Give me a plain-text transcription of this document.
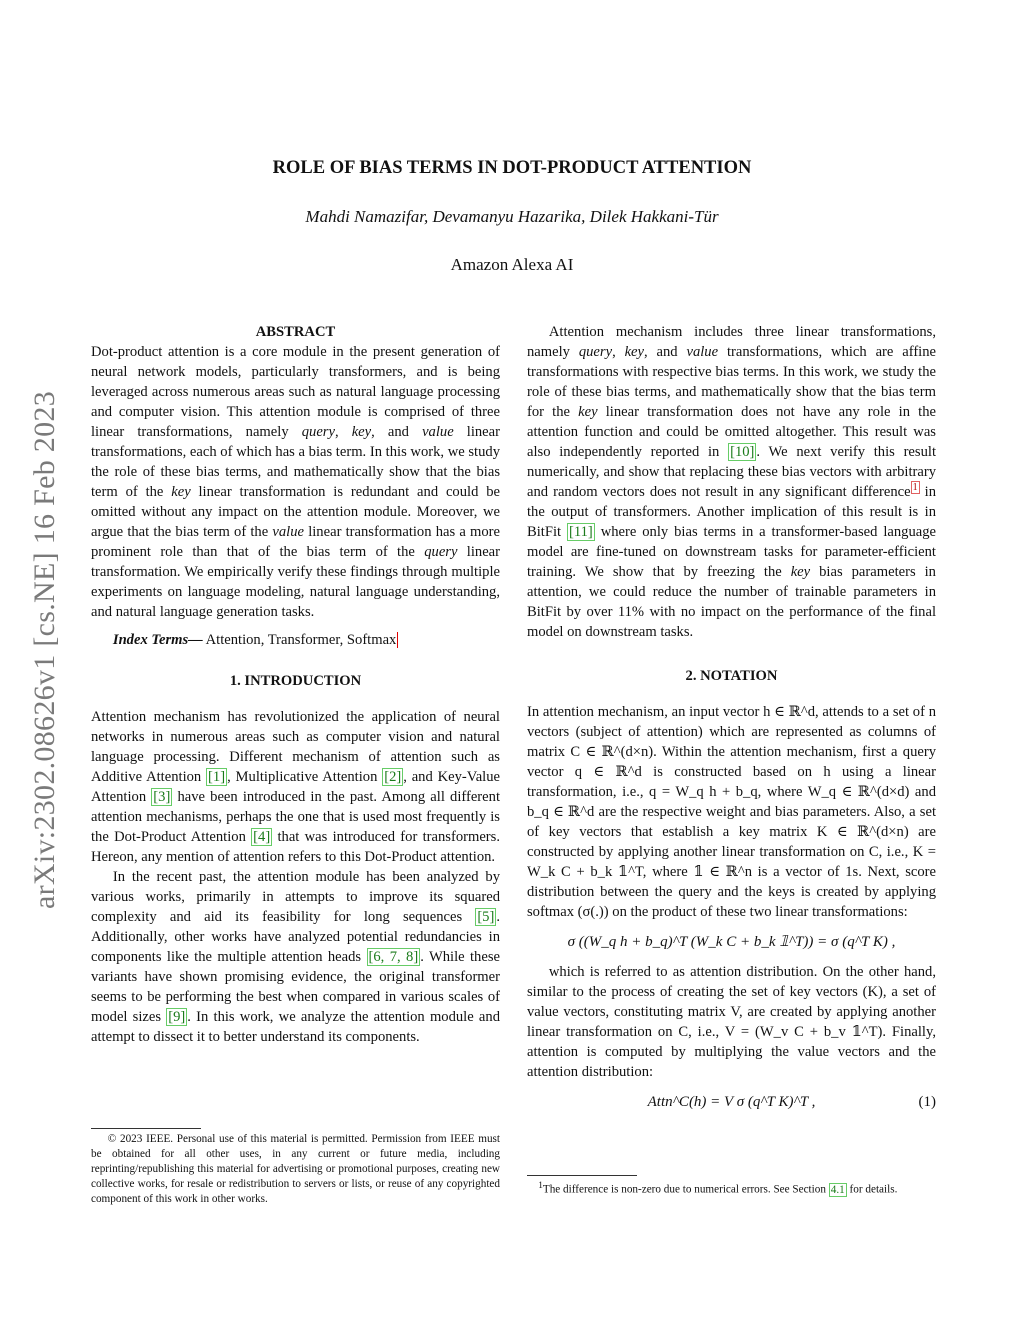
arXiv:2302.08626v1 [cs.NE] 16 Feb 2023
ROLE OF BIAS TERMS IN DOT-PRODUCT ATTENTION
Mahdi Namazifar, Devamanyu Hazarika, Dilek Hakkani-Tür
Amazon Alexa AI

ABSTRACT

Dot-product attention is a core module in the present generation of neural network models, particularly transformers, and is being leveraged across numerous areas such as natural language processing and computer vision. This attention module is comprised of three linear transformations, namely query, key, and value linear transformations, each of which has a bias term. In this work, we study the role of these bias terms, and mathematically show that the bias term of the key linear transformation is redundant and could be omitted without any impact on the attention module. Moreover, we argue that the bias term of the value linear transformation has a more prominent role than that of the bias term of the query linear transformation. We empirically verify these findings through multiple experiments on language modeling, natural language understanding, and natural language generation tasks.

Index Terms— Attention, Transformer, Softmax

1. INTRODUCTION

Attention mechanism has revolutionized the application of neural networks in numerous areas such as computer vision and natural language processing. Different mechanism of attention such as Additive Attention [1] , Multiplicative Attention [2] , and Key-Value Attention [3] have been introduced in the past. Among all different attention mechanisms, perhaps the one that is used most frequently is the Dot-Product Attention [4] that was introduced for transformers. Hereon, any mention of attention refers to this Dot-Product attention.

In the recent past, the attention module has been analyzed by various works, primarily in attempts to improve its squared complexity and aid its feasibility for long sequences [5] . Additionally, other works have analyzed potential redundancies in components like the multiple attention heads [6, 7, 8] . While these variants have shown promising evidence, the original transformer seems to be performing the best when compared in various scales of model sizes [9] . In this work, we analyze the attention module and attempt to dissect it to better understand its components.

© 2023 IEEE. Personal use of this material is permitted. Permission from IEEE must be obtained for all other uses, in any current or future media, including reprinting/republishing this material for advertising or promotional purposes, creating new collective works, for resale or redistribution to servers or lists, or reuse of any copyrighted component of this work in other works.

Attention mechanism includes three linear transformations, namely query, key, and value transformations, which are affine transformations with respective bias terms. In this work, we study the role of these bias terms, and mathematically show that the bias term for the key linear transformation does not have any role in the attention function and could be omitted altogether. This result was also independently reported in [10] . We next verify this result numerically, and show that replacing these bias vectors with arbitrary and random vectors does not result in any significant difference $^1$ in the output of transformers. Another implication of this result is in BitFit [11] where only bias terms in a transformer-based language model are fine-tuned on downstream tasks for parameter-efficient training. We show that by freezing the key bias parameters in attention, we could reduce the number of trainable parameters in BitFit by over 11% with no impact on the performance of the final model on downstream tasks.

2. NOTATION

In attention mechanism, an input vector h ∈ ℝ^d, attends to a set of n vectors (subject of attention) which are represented as columns of matrix C ∈ ℝ^(d×n). Within the attention mechanism, first a query vector q ∈ ℝ^d is constructed based on h using a linear transformation, i.e., q = W_q h + b_q, where W_q ∈ ℝ^(d×d) and b_q ∈ ℝ^d are the respective weight and bias parameters. Also, a set of key vectors that establish a key matrix K ∈ ℝ^(d×n) are constructed by applying another linear transformation on C, i.e., K = W_k C + b_k 𝟙^T, where 𝟙 ∈ ℝ^n is a vector of 1s. Next, score distribution between the query and the keys is created by applying softmax (σ(.)) on the product of these two linear transformations:

σ ((W_q h + b_q)^T (W_k C + b_k 𝟙^T)) = σ (q^T K) ,

which is referred to as attention distribution. On the other hand, similar to the process of creating the set of key vectors (K), a set of value vectors, constituting matrix V, are created by applying another linear transformation on C, i.e., V = (W_v C + b_v 𝟙^T). Finally, attention is computed by multiplying the value vectors and the attention distribution:

Attn^C(h) = V σ (q^T K)^T ,	(1)

$^1$The difference is non-zero due to numerical errors. See Section 4.1 for details.
